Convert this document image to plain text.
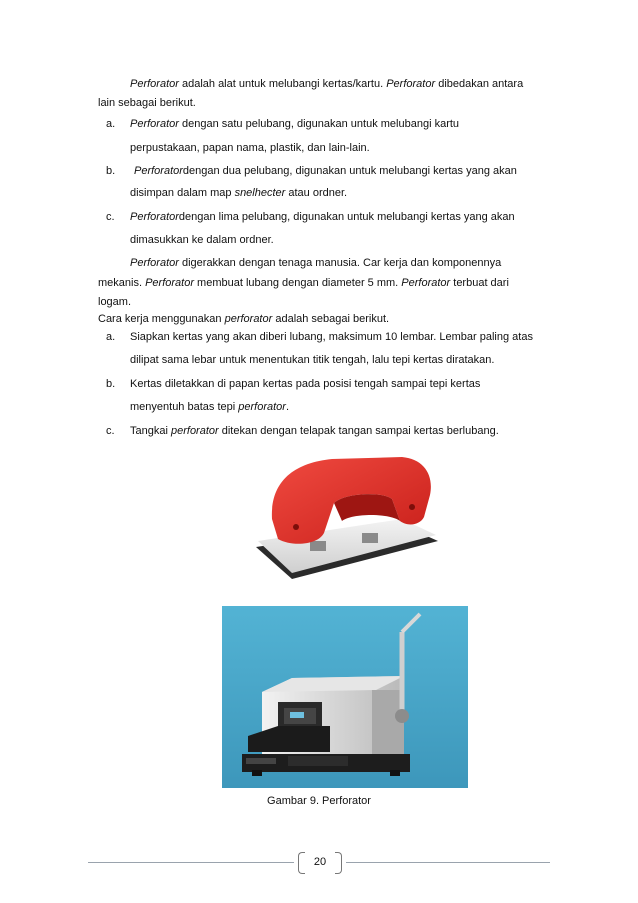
Perforator adalah alat untuk melubangi kertas/kartu. Perforator dibedakan antara
lain sebagai berikut.
a. Perforator dengan satu pelubang, digunakan untuk melubangi kartu
perpustakaan, papan nama, plastik, dan lain-lain.
b. Perforatordengan dua pelubang, digunakan untuk melubangi kertas yang akan
disimpan dalam map snelhecter atau ordner.
c. Perforatordengan lima pelubang, digunakan untuk melubangi kertas yang akan
dimasukkan ke dalam ordner.
Perforator digerakkan dengan tenaga manusia. Car kerja dan komponennya
mekanis. Perforator membuat lubang dengan diameter 5 mm. Perforator terbuat dari
logam.
Cara kerja menggunakan perforator adalah sebagai berikut.
a. Siapkan kertas yang akan diberi lubang, maksimum 10 lembar. Lembar paling atas
dilipat sama lebar untuk menentukan titik tengah, lalu tepi kertas diratakan.
b. Kertas diletakkan di papan kertas pada posisi tengah sampai tepi kertas
menyentuh batas tepi perforator.
c. Tangkai perforator ditekan dengan telapak tangan sampai kertas berlubang.
Gambar 9. Perforator
20
